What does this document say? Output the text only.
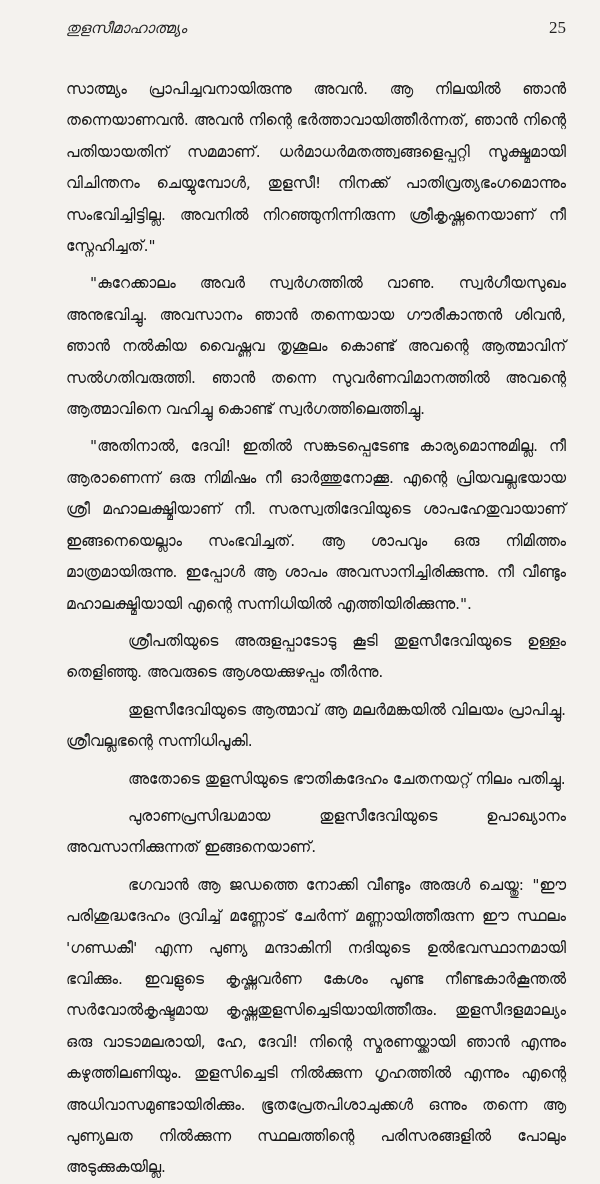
തുളസീമാഹാത്മ്യം	25

സാത്മ്യം പ്രാപിച്ചവനായിരുന്നു അവൻ. ആ നിലയിൽ ഞാൻ തന്നെയാണവൻ. അവൻ നിന്റെ ഭർത്താവായിത്തീർന്നത്, ഞാൻ നിന്റെ പതിയായതിന് സമമാണ്. ധർമാധർമതത്ത്വങ്ങളെപ്പറ്റി സൂക്ഷ്മമായി വിചിന്തനം ചെയ്യുമ്പോൾ, തുളസീ! നിനക്ക് പാതിവ്രത്യഭംഗമൊന്നും സംഭവിച്ചിട്ടില്ല. അവനിൽ നിറഞ്ഞുനിന്നിരുന്ന ശ്രീകൃഷ്ണനെയാണ് നീ സ്നേഹിച്ചത്."

"കുറേക്കാലം അവർ സ്വർഗത്തിൽ വാണു. സ്വർഗീയസുഖം അനുഭവിച്ചു. അവസാനം ഞാൻ തന്നെയായ ഗൗരീകാന്തൻ ശിവൻ, ഞാൻ നൽകിയ വൈഷ്ണവ തൃശൂലം കൊണ്ട് അവന്റെ ആത്മാവിന് സൽഗതിവരുത്തി. ഞാൻ തന്നെ സുവർണവിമാനത്തിൽ അവന്റെ ആത്മാവിനെ വഹിച്ചു കൊണ്ട് സ്വർഗത്തിലെത്തിച്ചു.

"അതിനാൽ, ദേവി! ഇതിൽ സങ്കടപ്പെടേണ്ട കാര്യമൊന്നുമില്ല. നീ ആരാണെന്ന് ഒരു നിമിഷം നീ ഓർത്തുനോക്കൂ. എന്റെ പ്രിയവല്ലഭയായ ശ്രീ മഹാലക്ഷ്മിയാണ് നീ. സരസ്വതിദേവിയുടെ ശാപഹേതുവായാണ് ഇങ്ങനെയെല്ലാം സംഭവിച്ചത്. ആ ശാപവും ഒരു നിമിത്തം മാത്രമായിരുന്നു. ഇപ്പോൾ ആ ശാപം അവസാനിച്ചിരിക്കുന്നു. നീ വീണ്ടും മഹാലക്ഷ്മിയായി എന്റെ സന്നിധിയിൽ എത്തിയിരിക്കുന്നു.".

ശ്രീപതിയുടെ അരുളപ്പാടോടു കൂടി തുളസീദേവിയുടെ ഉള്ളം തെളിഞ്ഞു. അവരുടെ ആശയക്കുഴപ്പം തീർന്നു.

തുളസീദേവിയുടെ ആത്മാവ് ആ മലർമങ്കയിൽ വിലയം പ്രാപിച്ചു. ശ്രീവല്ലഭന്റെ സന്നിധിപൂകി.

അതോടെ തുളസിയുടെ ഭൗതികദേഹം ചേതനയറ്റ് നിലം പതിച്ചു.

പുരാണപ്രസിദ്ധമായ തുളസീദേവിയുടെ ഉപാഖ്യാനം അവസാനിക്കുന്നത് ഇങ്ങനെയാണ്.

ഭഗവാൻ ആ ജഡത്തെ നോക്കി വീണ്ടും അരുൾ ചെയ്തു: "ഈ പരിശുദ്ധദേഹം ദ്രവിച്ച് മണ്ണോട് ചേർന്ന് മണ്ണായിത്തീരുന്ന ഈ സ്ഥലം 'ഗണ്ഡകീ' എന്ന പുണ്യ മന്ദാകിനി നദിയുടെ ഉൽഭവസ്ഥാനമായി ഭവിക്കും. ഇവളുടെ കൃഷ്ണവർണ കേശം പൂണ്ട നീണ്ടകാർകൂന്തൽ സർവോൽകൃഷ്ടമായ കൃഷ്ണതുളസിച്ചെടിയായിത്തീരും. തുളസീദളമാല്യം ഒരു വാടാമലരായി, ഹേ, ദേവി! നിന്റെ സ്മരണയ്ക്കായി ഞാൻ എന്നും കഴുത്തിലണിയും. തുളസിച്ചെടി നിൽക്കുന്ന ഗൃഹത്തിൽ എന്നും എന്റെ അധിവാസമുണ്ടായിരിക്കും. ഭൂതപ്രേതപിശാചുക്കൾ ഒന്നും തന്നെ ആ പുണ്യലത നിൽക്കുന്ന സ്ഥലത്തിന്റെ പരിസരങ്ങളിൽ പോലും അടുക്കുകയില്ല.
